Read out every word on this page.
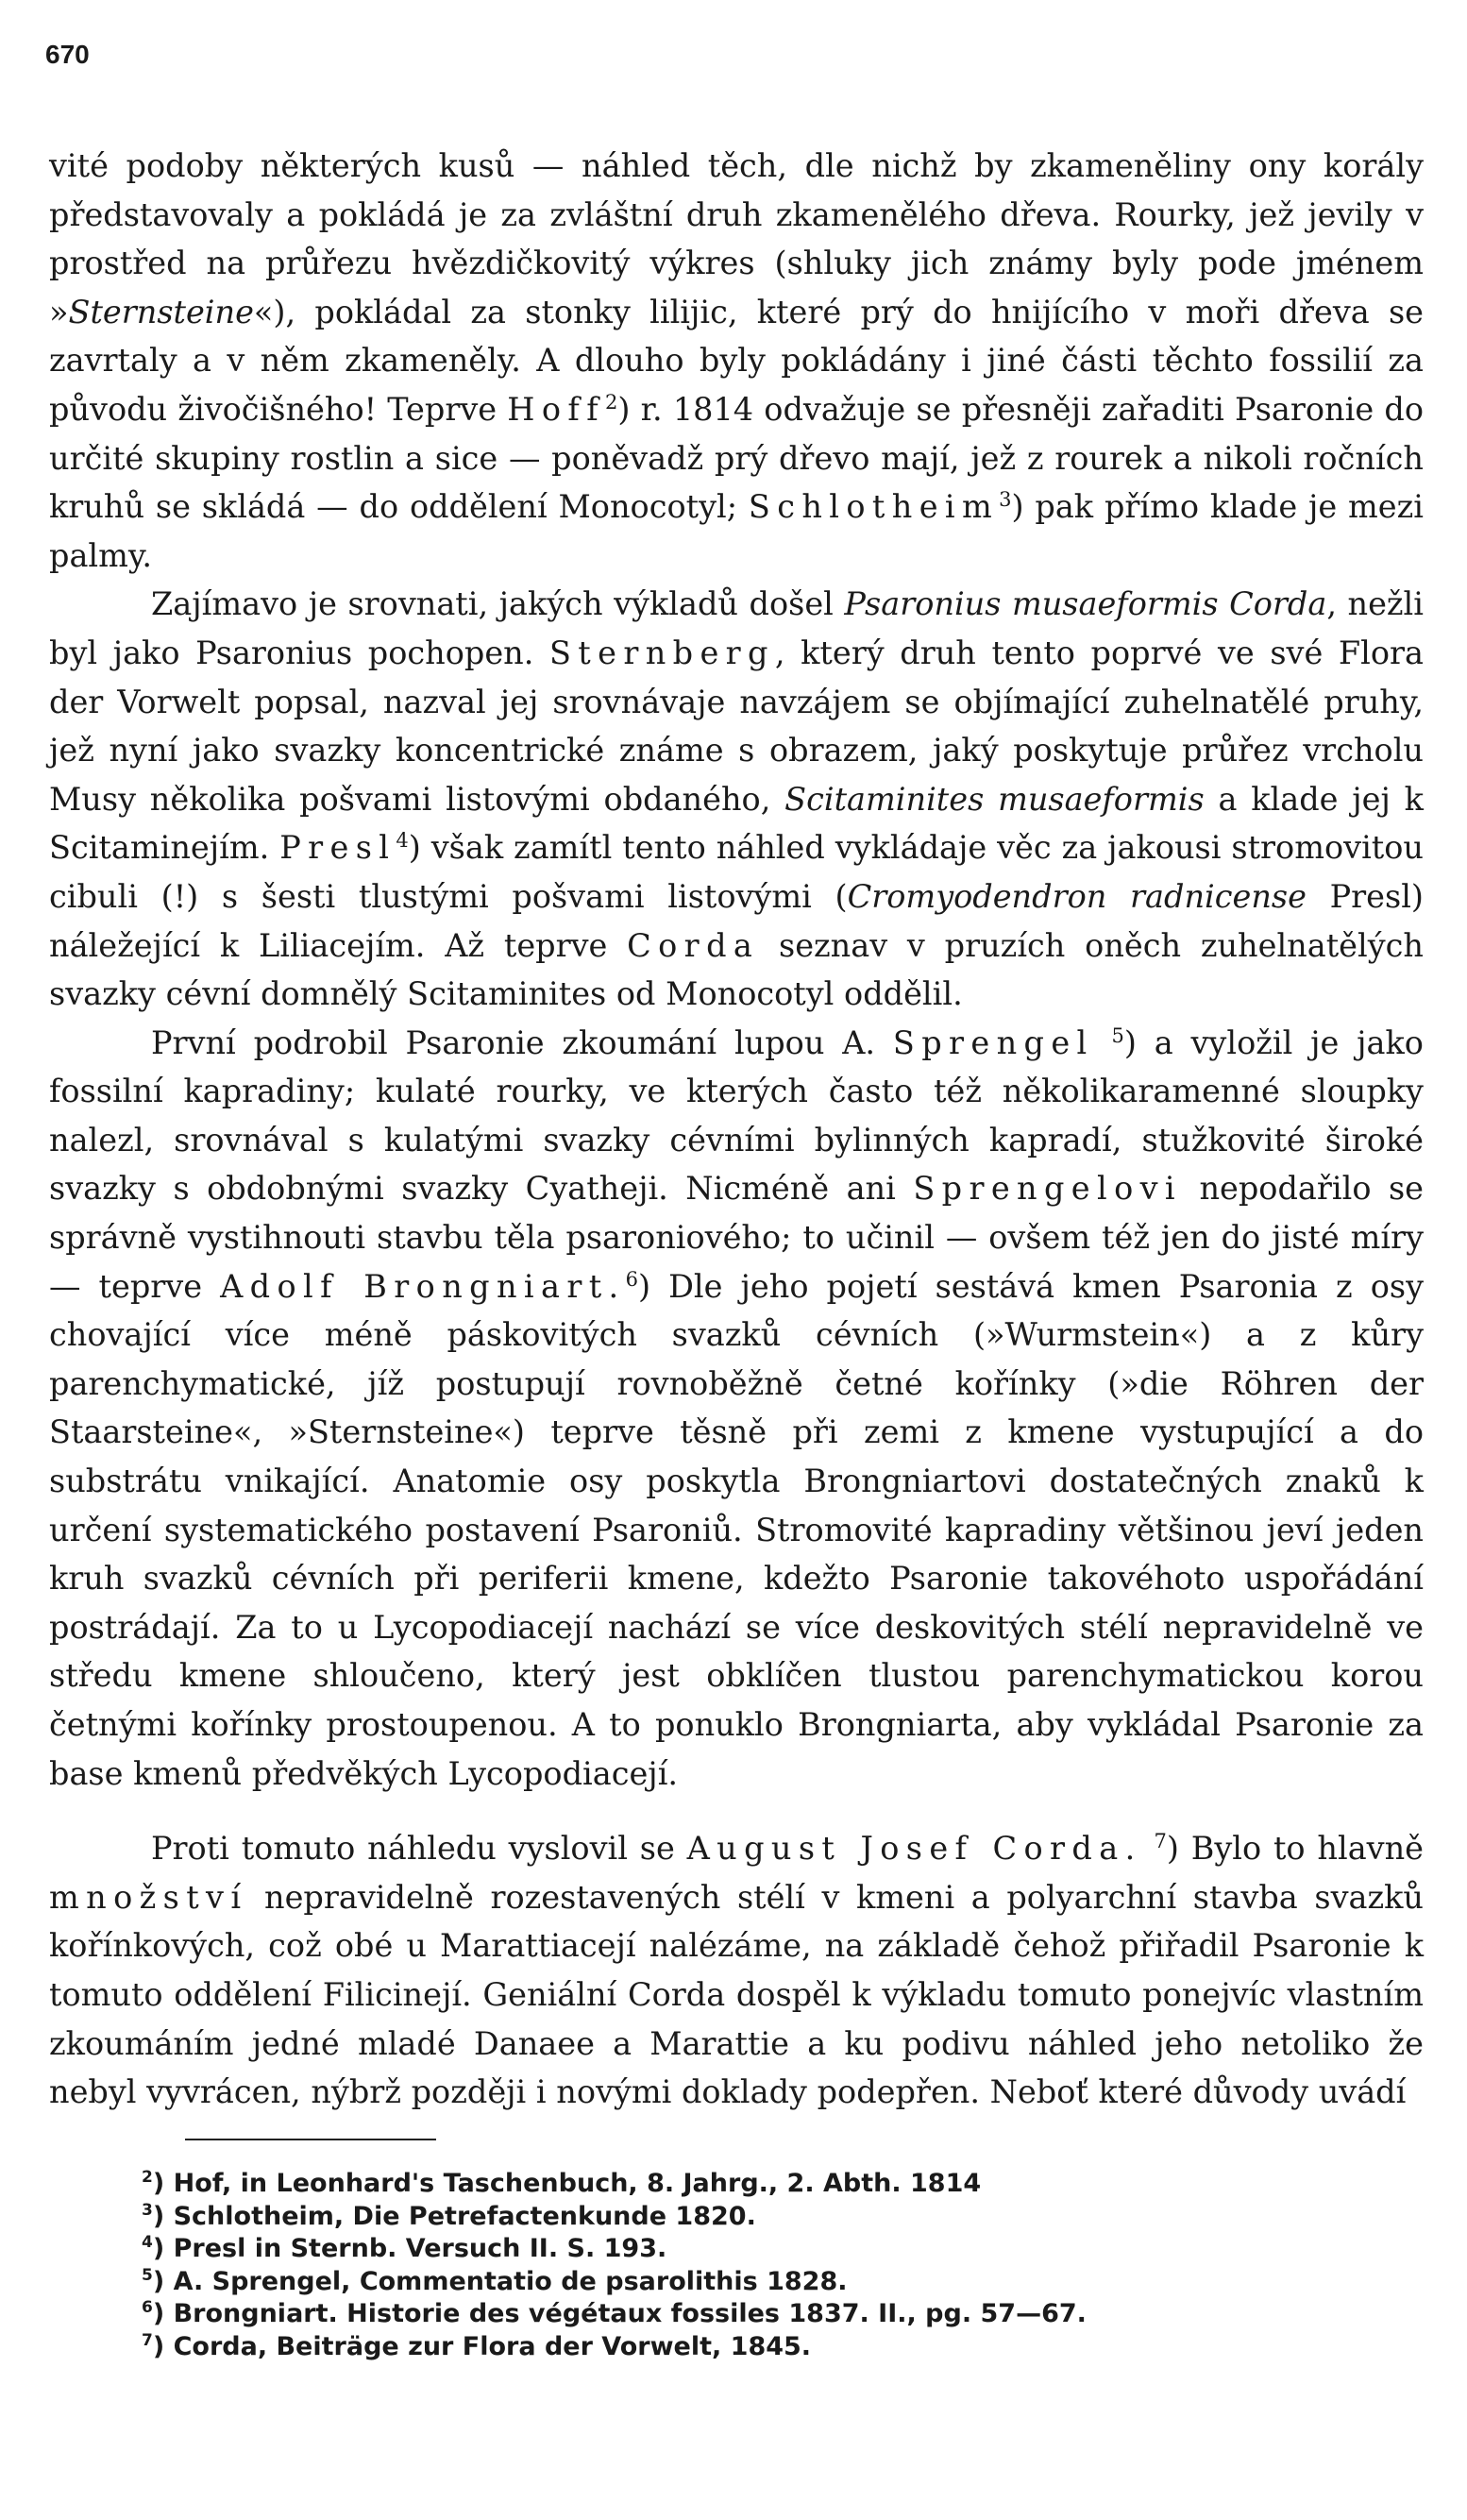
670

vité podoby některých kusů — náhled těch, dle nichž by zkameněliny ony korály představovaly a pokládá je za zvláštní druh zkamenělého dřeva. Rourky, jež jevily v prostřed na průřezu hvězdičkovitý výkres (shluky jich známy byly pode jménem »Sternsteine«), pokládal za stonky lilijic, které prý do hnijícího v moři dřeva se zavrtaly a v něm zkameněly. A dlouho byly pokládány i jiné části těchto fossilií za původu živočišného! Teprve Hoff$^2$) r. 1814 odvažuje se přesněji zařaditi Psaronie do určité skupiny rostlin a sice — poněvadž prý dřevo mají, jež z rourek a nikoli ročních kruhů se skládá — do oddělení Monocotyl; Schlotheim$^3$) pak přímo klade je mezi palmy.

Zajímavo je srovnati, jakých výkladů došel Psaronius musaeformis Corda, nežli byl jako Psaronius pochopen. Sternberg, který druh tento poprvé ve své Flora der Vorwelt popsal, nazval jej srovnávaje navzájem se objímající zuhelnatělé pruhy, jež nyní jako svazky koncentrické známe s obrazem, jaký poskytuje průřez vrcholu Musy několika pošvami listovými obdaného, Scitaminites musaeformis a klade jej k Scitaminejím. Presl$^4$) však zamítl tento náhled vykládaje věc za jakousi stromovitou cibuli (!) s šesti tlustými pošvami listovými (Cromyodendron radnicense Presl) náležející k Liliacejím. Až teprve Corda seznav v pruzích oněch zuhelnatělých svazky cévní domnělý Scitaminites od Monocotyl oddělil.

První podrobil Psaronie zkoumání lupou A. Sprengel $^5$) a vyložil je jako fossilní kapradiny; kulaté rourky, ve kterých často též několikaramenné sloupky nalezl, srovnával s kulatými svazky cévními bylinných kapradí, stužkovité široké svazky s obdobnými svazky Cyatheji. Nicméně ani Sprengelovi nepodařilo se správně vystihnouti stavbu těla psaroniového; to učinil — ovšem též jen do jisté míry — teprve Adolf Brongniart.$^6$) Dle jeho pojetí sestává kmen Psaronia z osy chovající více méně páskovitých svazků cévních (»Wurmstein«) a z kůry parenchymatické, jíž postupují rovnoběžně četné kořínky (»die Röhren der Staarsteine«, »Sternsteine«) teprve těsně při zemi z kmene vystupující a do substrátu vnikající. Anatomie osy poskytla Brongniartovi dostatečných znaků k určení systematického postavení Psaroniů. Stromovité kapradiny většinou jeví jeden kruh svazků cévních při periferii kmene, kdežto Psaronie takovéhoto uspořádání postrádají. Za to u Lycopodiacejí nachází se více deskovitých stélí nepravidelně ve středu kmene shloučeno, který jest obklíčen tlustou parenchymatickou korou četnými kořínky prostoupenou. A to ponuklo Brongniarta, aby vykládal Psaronie za base kmenů předvěkých Lycopodiacejí.

Proti tomuto náhledu vyslovil se August Josef Corda. $^7$) Bylo to hlavně množství nepravidelně rozestavených stélí v kmeni a polyarchní stavba svazků kořínkových, což obé u Marattiacejí nalézáme, na základě čehož přiřadil Psaronie k tomuto oddělení Filicinejí. Geniální Corda dospěl k výkladu tomuto ponejvíc vlastním zkoumáním jedné mladé Danaee a Marattie a ku podivu náhled jeho netoliko že nebyl vyvrácen, nýbrž později i novými doklady podepřen. Neboť které důvody uvádí

$^2$) Hof, in Leonhard's Taschenbuch, 8. Jahrg., 2. Abth. 1814
$^3$) Schlotheim, Die Petrefactenkunde 1820.
$^4$) Presl in Sternb. Versuch II. S. 193.
$^5$) A. Sprengel, Commentatio de psarolithis 1828.
$^6$) Brongniart. Historie des végétaux fossiles 1837. II., pg. 57—67.
$^7$) Corda, Beiträge zur Flora der Vorwelt, 1845.
